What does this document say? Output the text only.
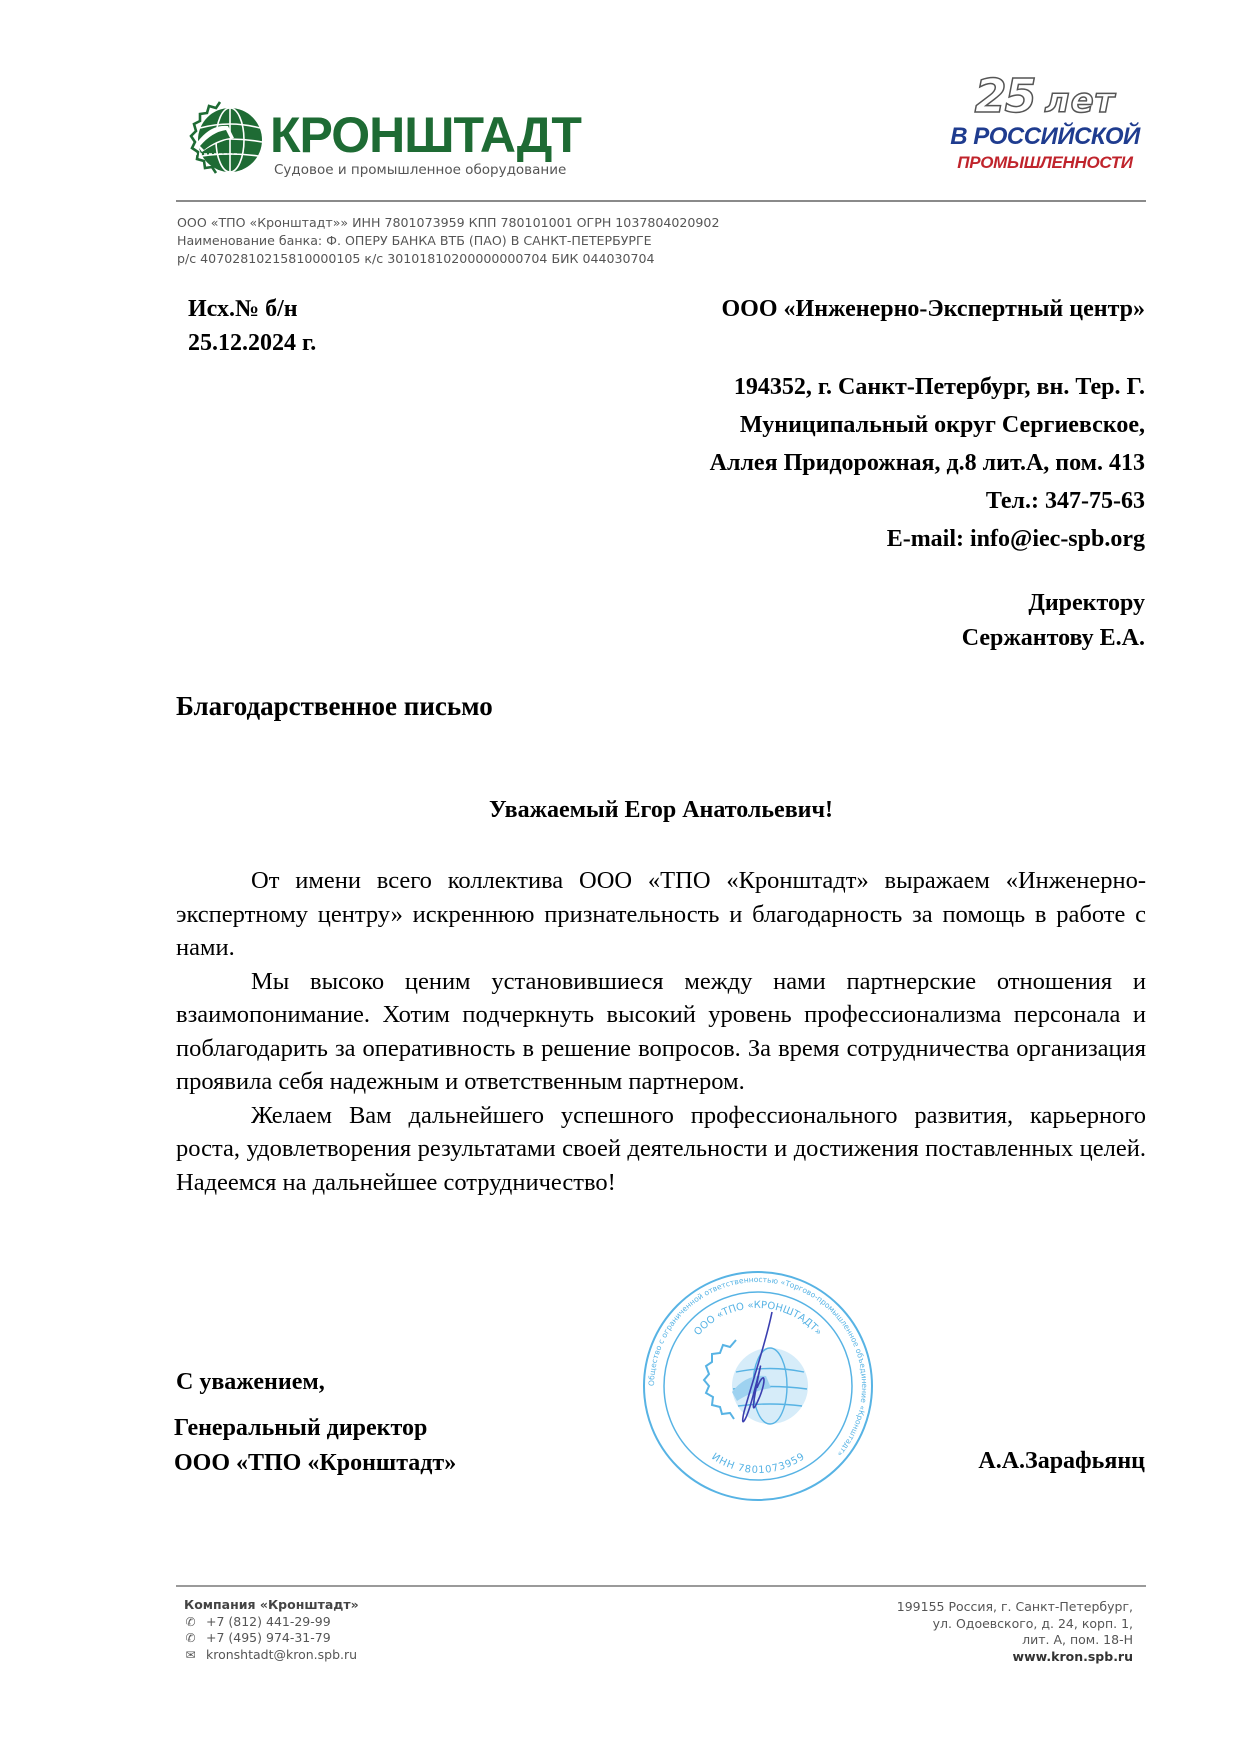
КРОНШТАДТ
Судовое и промышленное оборудование
25 лет
В РОССИЙСКОЙ
ПРОМЫШЛЕННОСТИ
ООО «ТПО «Кронштадт»» ИНН 7801073959 КПП 780101001 ОГРН 1037804020902
Наименование банка: Ф. ОПЕРУ БАНКА ВТБ (ПАО) В САНКТ-ПЕТЕРБУРГЕ
р/с 40702810215810000105 к/с 30101810200000000704 БИК 044030704
Исх.№ б/н
25.12.2024 г.
ООО «Инженерно-Экспертный центр»
194352, г. Санкт-Петербург, вн. Тер. Г.
Муниципальный округ Сергиевское,
Аллея Придорожная, д.8 лит.А, пом. 413
Тел.: 347-75-63
E-mail: info@iec-spb.org
Директору
Сержантову Е.А.
Благодарственное письмо
Уважаемый Егор Анатольевич!

От имени всего коллектива ООО «ТПО «Кронштадт» выражаем «Инженерно-экспертному центру» искреннюю признательность и благодарность за помощь в работе с нами.

Мы высоко ценим установившиеся между нами партнерские отношения и взаимопонимание. Хотим подчеркнуть высокий уровень профессионализма персонала и поблагодарить за оперативность в решение вопросов. За время сотрудничества организация проявила себя надежным и ответственным партнером.

Желаем Вам дальнейшего успешного профессионального развития, карьерного роста, удовлетворения результатами своей деятельности и достижения поставленных целей. Надеемся на дальнейшее сотрудничество!

Общество с ограниченной ответственностью «Торгово-промышленное объединение «Кронштадт»
ООО «ТПО «КРОНШТАДТ»
ИНН 7801073959
С уважением,
Генеральный директор
ООО «ТПО «Кронштадт»	А.А.Зарафьянц
Компания «Кронштадт»
✆ +7 (812) 441-29-99
✆ +7 (495) 974-31-79
✉ kronshtadt@kron.spb.ru
199155 Россия, г. Санкт-Петербург,
ул. Одоевского, д. 24, корп. 1,
лит. А, пом. 18-Н
www.kron.spb.ru
